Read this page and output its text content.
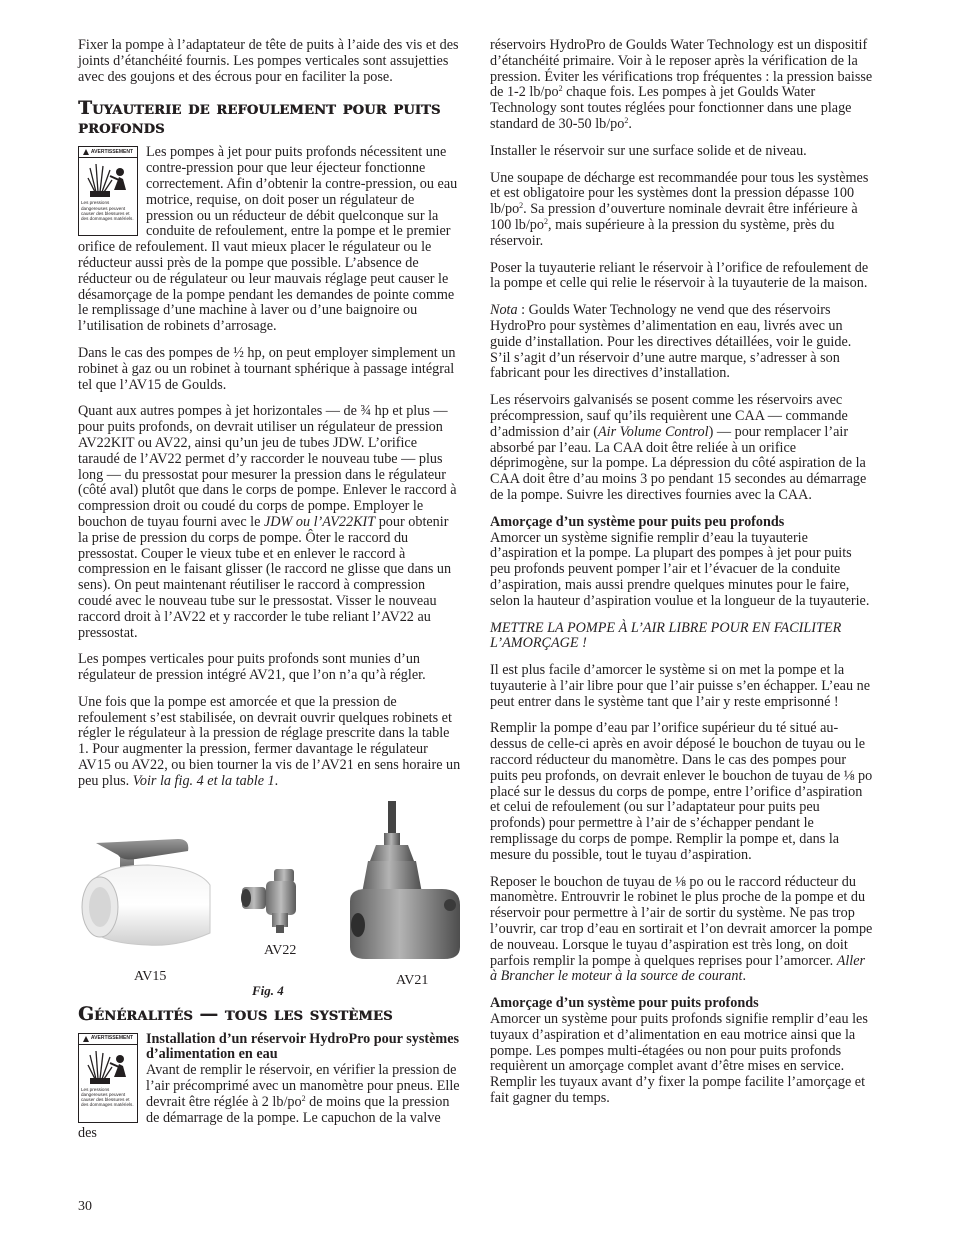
Fixer la pompe à l’adaptateur de tête de puits à l’aide des vis et des joints d’étanchéité fournis. Les pompes verticales sont assujetties avec des goujons et des écrous pour en faciliter la pose.

Tuyauterie de refoulement pour puits profonds
AVERTISSEMENT
Les pressions dangereuses peuvent causer des blessures et des dommages matériels.

Les pompes à jet pour puits profonds nécessitent une contre-pression pour que leur éjecteur fonctionne correctement. Afin d’obtenir la contre-pression, ou eau motrice, requise, on doit poser un régulateur de pression ou un réducteur de débit quelconque sur la conduite de refoulement, entre la pompe et le premier orifice de refoulement. Il vaut mieux placer le régulateur ou le réducteur aussi près de la pompe que possible. L’absence de réducteur ou de régulateur ou leur mauvais réglage peut causer le désamorçage de la pompe pendant les demandes de pointe comme le remplissage d’une machine à laver ou d’une baignoire ou l’utilisation de robinets d’arrosage.

Dans le cas des pompes de ½ hp, on peut employer simplement un robinet à gaz ou un robinet à tournant sphérique à passage intégral tel que l’AV15 de Goulds.

Quant aux autres pompes à jet horizontales — de ¾ hp et plus — pour puits profonds, on devrait utiliser un régulateur de pression AV22KIT ou AV22, ainsi qu’un jeu de tubes JDW. L’orifice taraudé de l’AV22 permet d’y raccorder le nouveau tube — plus long — du pressostat pour mesurer la pression dans le régulateur (côté aval) plutôt que dans le corps de pompe. Enlever le raccord à compression droit ou coudé du corps de pompe. Employer le bouchon de tuyau fourni avec le JDW ou l’AV22KIT pour obtenir la prise de pression du corps de pompe. Ôter le raccord du pressostat. Couper le vieux tube et en enlever le raccord à compression en le faisant glisser (le raccord ne glisse que dans un sens). On peut maintenant réutiliser le raccord à compression coudé avec le nouveau tube sur le pressostat. Visser le nouveau raccord droit à l’AV22 et y raccorder le tube reliant l’AV22 au pressostat.

Les pompes verticales pour puits profonds sont munies d’un régulateur de pression intégré AV21, que l’on n’a qu’à régler.

Une fois que la pompe est amorcée et que la pression de refoulement s’est stabilisée, on devrait ouvrir quelques robinets et régler le régulateur à la pression de réglage prescrite dans la table 1. Pour augmenter la pression, fermer davantage le régulateur AV15 ou AV22, ou bien tourner la vis de l’AV21 en sens horaire un peu plus. Voir la fig. 4 et la table 1.

AV15
AV22
Fig. 4
AV21
Généralités — tous les systèmes
AVERTISSEMENT
Les pressions dangereuses peuvent causer des blessures et des dommages matériels.
Installation d’un réservoir HydroPro pour systèmes d’alimentation en eau

Avant de remplir le réservoir, en vérifier la pression de l’air précomprimé avec un manomètre pour pneus. Elle devrait être réglée à 2 $lb/po^2$ de moins que la pression de démarrage de la pompe. Le capuchon de la valve des

réservoirs HydroPro de Goulds Water Technology est un dispositif d’étanchéité primaire. Voir à le reposer après la vérification de la pression. Éviter les vérifications trop fréquentes : la pression baisse de 1-2 $lb/po^2$ chaque fois. Les pompes à jet Goulds Water Technology sont toutes réglées pour fonctionner dans une plage standard de 30-50 $lb/po^2$.

Installer le réservoir sur une surface solide et de niveau.

Une soupape de décharge est recommandée pour tous les systèmes et est obligatoire pour les systèmes dont la pression dépasse 100 $lb/po^2$. Sa pression d’ouverture nominale devrait être inférieure à 100 $lb/po^2$, mais supérieure à la pression du système, près du réservoir.

Poser la tuyauterie reliant le réservoir à l’orifice de refoulement de la pompe et celle qui relie le réservoir à la tuyauterie de la maison.

Nota : Goulds Water Technology ne vend que des réservoirs HydroPro pour systèmes d’alimentation en eau, livrés avec un guide d’installation. Pour les directives détaillées, voir le guide. S’il s’agit d’un réservoir d’une autre marque, s’adresser à son fabricant pour les directives d’installation.

Les réservoirs galvanisés se posent comme les réservoirs avec précompression, sauf qu’ils requièrent une CAA — commande d’admission d’air (Air Volume Control) — pour remplacer l’air absorbé par l’eau. La CAA doit être reliée à un orifice déprimogène, sur la pompe. La dépression du côté aspiration de la CAA doit être d’au moins 3 po pendant 15 secondes au démarrage de la pompe. Suivre les directives fournies avec la CAA.

Amorçage d’un système pour puits peu profonds

Amorcer un système signifie remplir d’eau la tuyauterie d’aspiration et la pompe. La plupart des pompes à jet pour puits peu profonds peuvent pomper l’air et l’évacuer de la conduite d’aspiration, mais aussi prendre quelques minutes pour le faire, selon la hauteur d’aspiration voulue et la longueur de la tuyauterie.

METTRE LA POMPE À L’AIR LIBRE POUR EN FACILITER L’AMORÇAGE !

Il est plus facile d’amorcer le système si on met la pompe et la tuyauterie à l’air libre pour que l’air puisse s’en échapper. L’eau ne peut entrer dans le système tant que l’air y reste emprisonné !

Remplir la pompe d’eau par l’orifice supérieur du té situé au-dessus de celle-ci après en avoir déposé le bouchon de tuyau ou le raccord réducteur du manomètre. Dans le cas des pompes pour puits peu profonds, on devrait enlever le bouchon de tuyau de ⅛ po placé sur le dessus du corps de pompe, entre l’orifice d’aspiration et celui de refoulement (ou sur l’adaptateur pour puits peu profonds) pour permettre à l’air de s’échapper pendant le remplissage du corps de pompe. Remplir la pompe et, dans la mesure du possible, tout le tuyau d’aspiration.

Reposer le bouchon de tuyau de ⅛ po ou le raccord réducteur du manomètre. Entrouvrir le robinet le plus proche de la pompe et du réservoir pour permettre à l’air de sortir du système. Ne pas trop l’ouvrir, car trop d’eau en sortirait et l’on devrait amorcer la pompe de nouveau. Lorsque le tuyau d’aspiration est très long, on doit parfois remplir la pompe à quelques reprises pour l’amorcer. Aller à Brancher le moteur à la source de courant.

Amorçage d’un système pour puits profonds

Amorcer un système pour puits profonds signifie remplir d’eau les tuyaux d’aspiration et d’alimentation en eau motrice ainsi que la pompe. Les pompes multi-étagées ou non pour puits profonds requièrent un amorçage complet avant d’être mises en service. Remplir les tuyaux avant d’y fixer la pompe facilite l’amorçage et fait gagner du temps.

30
